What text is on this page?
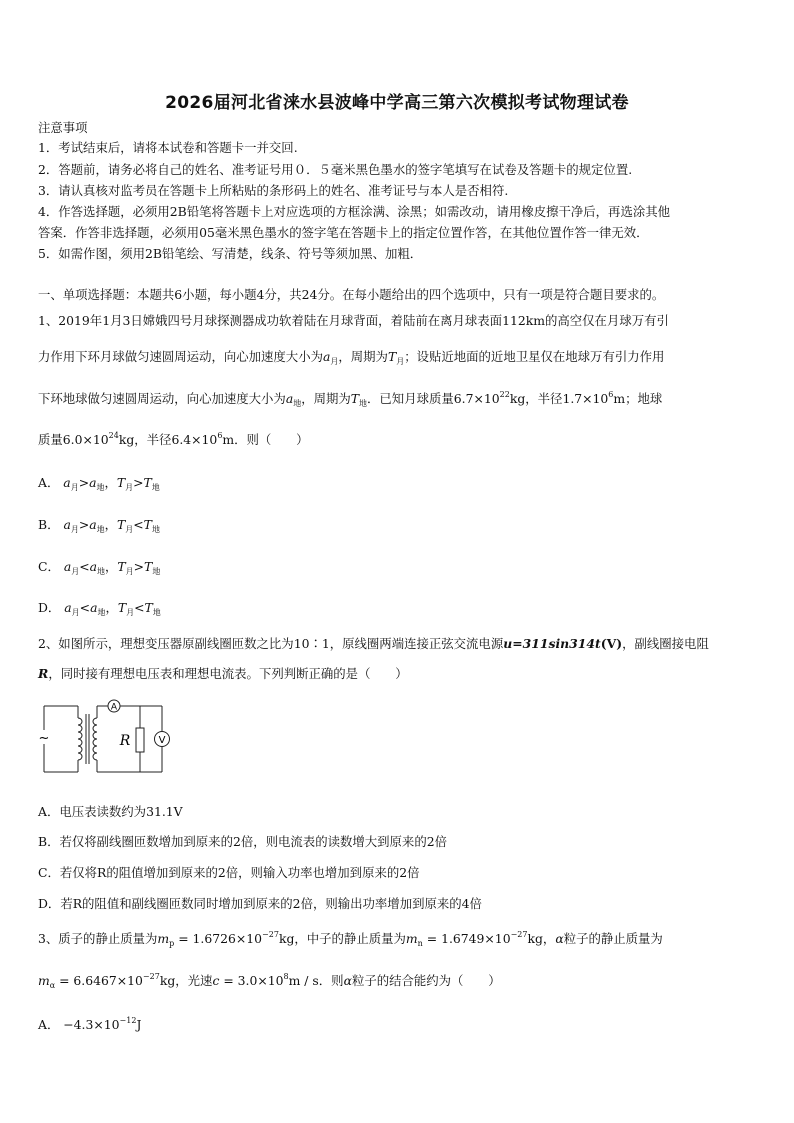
2026届河北省涞水县波峰中学高三第六次模拟考试物理试卷
注意事项
1．考试结束后，请将本试卷和答题卡一并交回.
2．答题前，请务必将自己的姓名、准考证号用０．５毫米黑色墨水的签字笔填写在试卷及答题卡的规定位置.
3．请认真核对监考员在答题卡上所粘贴的条形码上的姓名、准考证号与本人是否相符.
4．作答选择题，必须用2B铅笔将答题卡上对应选项的方框涂满、涂黑；如需改动，请用橡皮擦干净后，再选涂其他
答案．作答非选择题，必须用05毫米黑色墨水的签字笔在答题卡上的指定位置作答，在其他位置作答一律无效．
5．如需作图，须用2B铅笔绘、写清楚，线条、符号等须加黑、加粗．
一、单项选择题：本题共6小题，每小题4分，共24分。在每小题给出的四个选项中，只有一项是符合题目要求的。
1、2019年1月3日嫦娥四号月球探测器成功软着陆在月球背面，着陆前在离月球表面112km的高空仅在月球万有引
力作用下环月球做匀速圆周运动，向心加速度大小为$a_月$，周期为$T_月$；设贴近地面的近地卫星仅在地球万有引力作用
下环地球做匀速圆周运动，向心加速度大小为$a_地$，周期为$T_地$．已知月球质量$6.7\times 10^{22}kg$，半径$1.7\times 10^6m$；地球
质量$6.0\times 10^{24}kg$，半径$6.4\times 10^6m$．则（　　）
A． $a_月>a_地$，$T_月>T_地$
B． $a_月>a_地$，$T_月<T_地$
C． $a_月<a_地$，$T_月>T_地$
D． $a_月<a_地$，$T_月<T_地$
2、如图所示，理想变压器原副线圈匝数之比为10∶1，原线圈两端连接正弦交流电源u=311sin314t(V)，副线圈接电阻
R，同时接有理想电压表和理想电流表。下列判断正确的是（　　）
~
A
R	V
A．电压表读数约为31.1V
B．若仅将副线圈匝数增加到原来的2倍，则电流表的读数增大到原来的2倍
C．若仅将R的阻值增加到原来的2倍，则输入功率也增加到原来的2倍
D．若R的阻值和副线圈匝数同时增加到原来的2倍，则输出功率增加到原来的4倍
3、质子的静止质量为$m_p = 1.6726\times 10^{-27}kg$，中子的静止质量为$m_n = 1.6749\times 10^{-27}kg$，α粒子的静止质量为
$m_\alpha = 6.6467\times 10^{-27}kg$，光速$c = 3.0\times 10^8m / s$．则α粒子的结合能约为（　　）
A． $-4.3\times 10^{-12}J$
